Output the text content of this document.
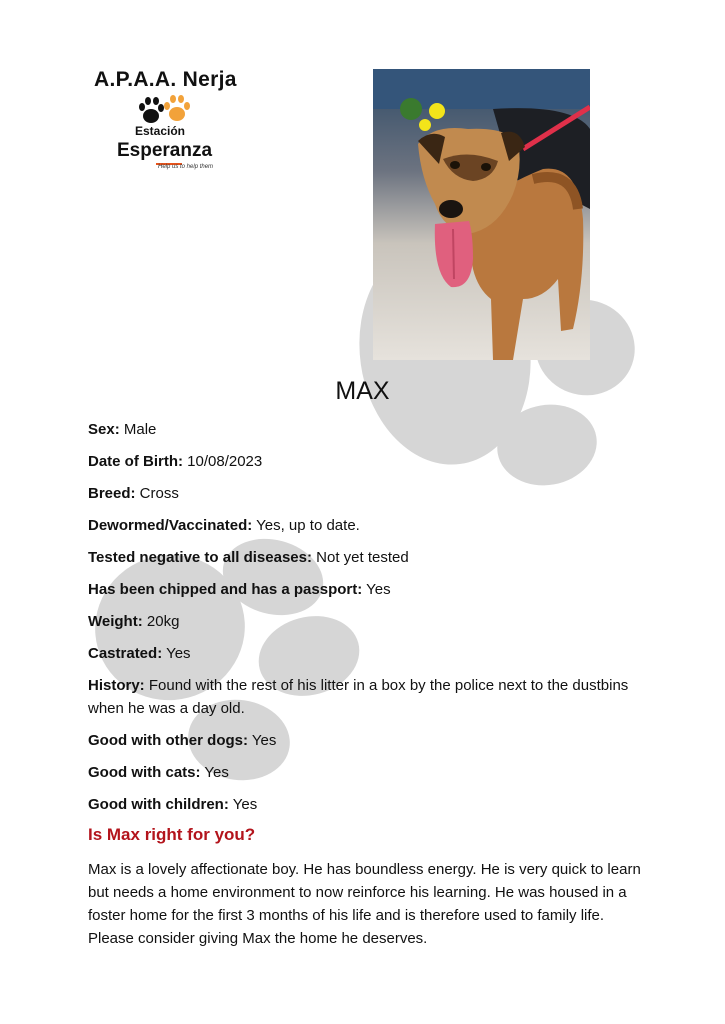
A.P.A.A. Nerja
Estación
Esperanza
Help us to help them
MAX
Sex: Male
Date of Birth: 10/08/2023
Breed: Cross
Dewormed/Vaccinated: Yes, up to date.
Tested negative to all diseases: Not yet tested
Has been chipped and has a passport: Yes
Weight: 20kg
Castrated: Yes
History: Found with the rest of his litter in a box by the police next to the dustbins when he was a day old.
Good with other dogs: Yes
Good with cats: Yes
Good with children: Yes
Is Max right for you?
Max is a lovely affectionate boy. He has boundless energy. He is very quick to learn but needs a home environment to now reinforce his learning. He was housed in a foster home for the first 3 months of his life and is therefore used to family life. Please consider giving Max the home he deserves.
